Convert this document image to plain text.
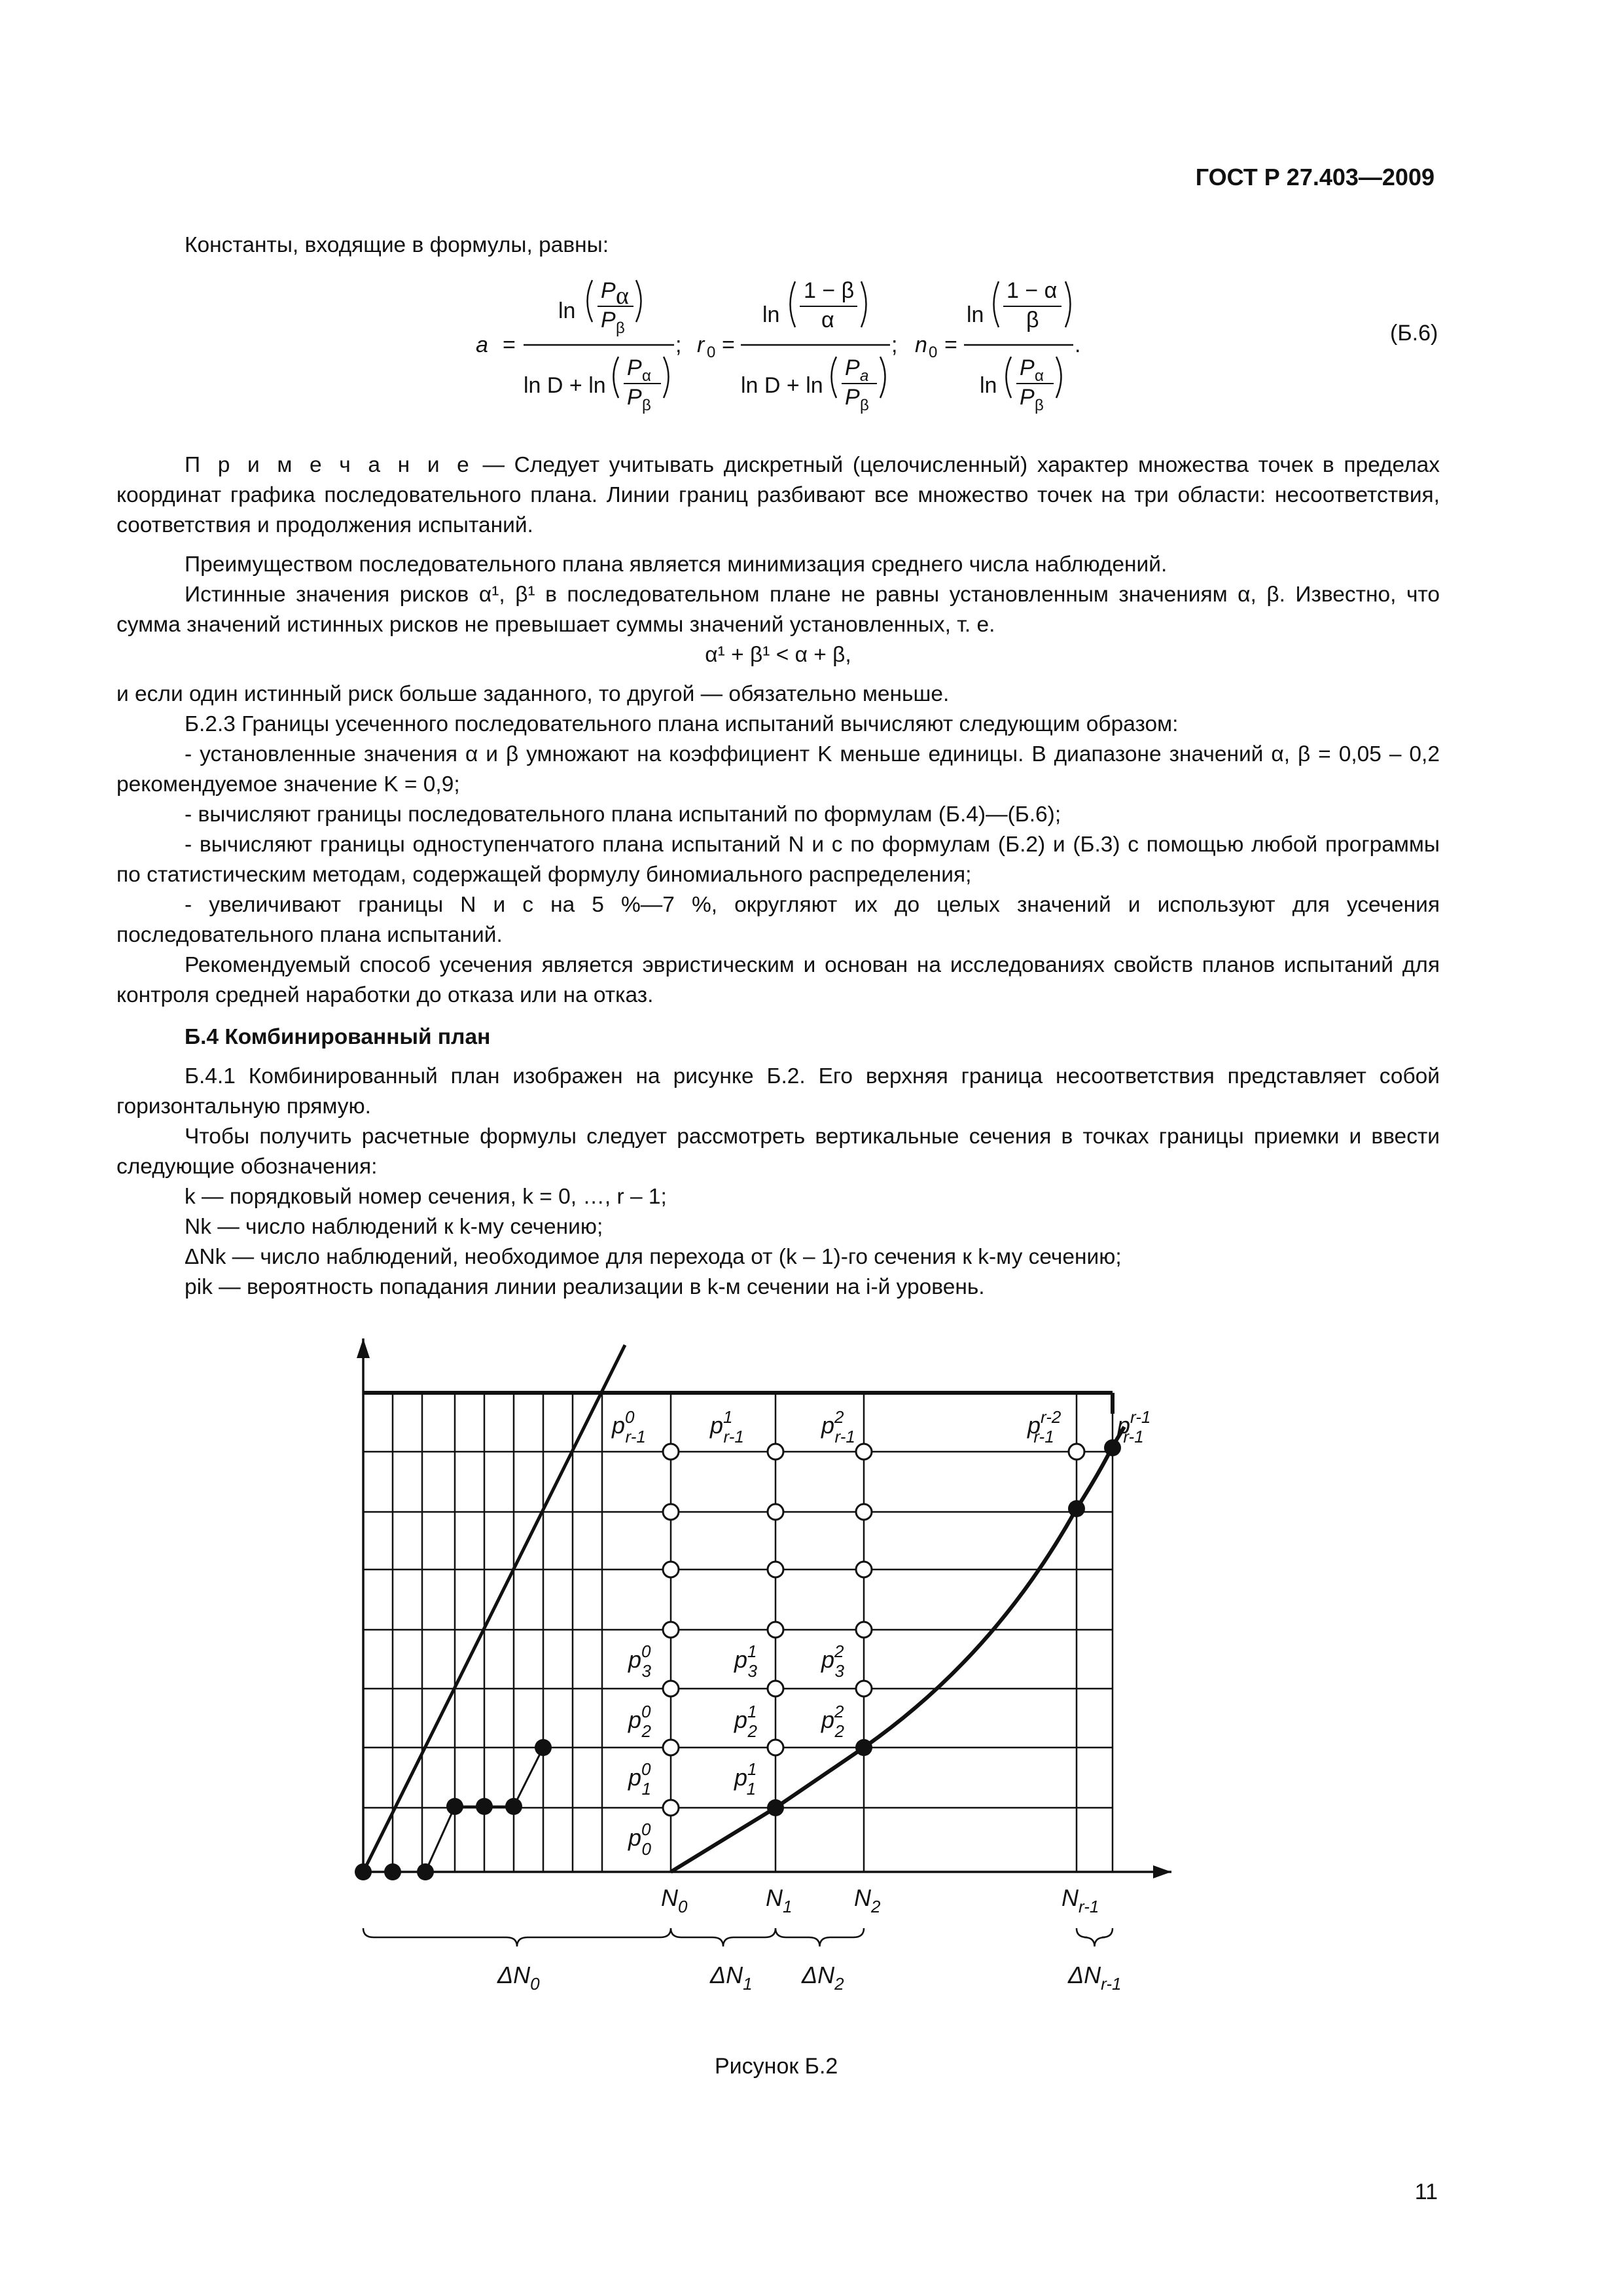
ГОСТ Р 27.403—2009
a =
ln
P α
P β
ln D + ln
P α
P β
; r 0 =
ln
1 − β
α
ln D + ln
P a
P β
; n 0 =
ln
1 − α
β
ln
P α
P β
.	(Б.6)

Константы, входящие в формулы, равны:

П р и м е ч а н и е — Следует учитывать дискретный (целочисленный) характер множества точек в пределах координат графика последовательного плана. Линии границ разбивают все множество точек на три области: несоответствия, соответствия и продолжения испытаний.

Преимуществом последовательного плана является минимизация среднего числа наблюдений.

Истинные значения рисков α¹, β¹ в последовательном плане не равны установленным значениям α, β. Известно, что сумма значений истинных рисков не превышает суммы значений установленных, т. е.

α¹ + β¹ < α + β,

и если один истинный риск больше заданного, то другой — обязательно меньше.

Б.2.3 Границы усеченного последовательного плана испытаний вычисляют следующим образом:

- установленные значения α и β умножают на коэффициент K меньше единицы. В диапазоне значений α, β = 0,05 – 0,2 рекомендуемое значение K = 0,9;

- вычисляют границы последовательного плана испытаний по формулам (Б.4)—(Б.6);

- вычисляют границы одноступенчатого плана испытаний N и c по формулам (Б.2) и (Б.3) с помощью любой программы по статистическим методам, содержащей формулу биномиального распределения;

- увеличивают границы N и c на 5 %—7 %, округляют их до целых значений и используют для усечения последовательного плана испытаний.

Рекомендуемый способ усечения является эвристическим и основан на исследованиях свойств планов испытаний для контроля средней наработки до отказа или на отказ.

Б.4 Комбинированный план

Б.4.1 Комбинированный план изображен на рисунке Б.2. Его верхняя граница несоответствия представляет собой горизонтальную прямую.

Чтобы получить расчетные формулы следует рассмотреть вертикальные сечения в точках границы приемки и ввести следующие обозначения:

k — порядковый номер сечения, k = 0, …, r – 1;

Nk — число наблюдений к k-му сечению;

ΔNk — число наблюдений, необходимое для перехода от (k – 1)-го сечения к k-му сечению;

pik — вероятность попадания линии реализации в k-м сечении на i-й уровень.

$p^0$ r-1	$p^1$ r-1	$p^2$ r-1	$p^{r-2}$ r-1	$p^{r-1}$ r-1
$p^0$ 3
$p^0$ 2
$p^0$ 1
$p^0$ 0
$p^1$ 3
$p^1$ 2
$p^1$ 1
$p^2$ 3
$p^2$ 2
$N_0$	$N_1$	$N_2$	$N_{r-1}$
$\Delta N_0$	$\Delta N_1$ $\Delta N_2$	$\Delta N_{r-1}$
Рисунок Б.2
11
